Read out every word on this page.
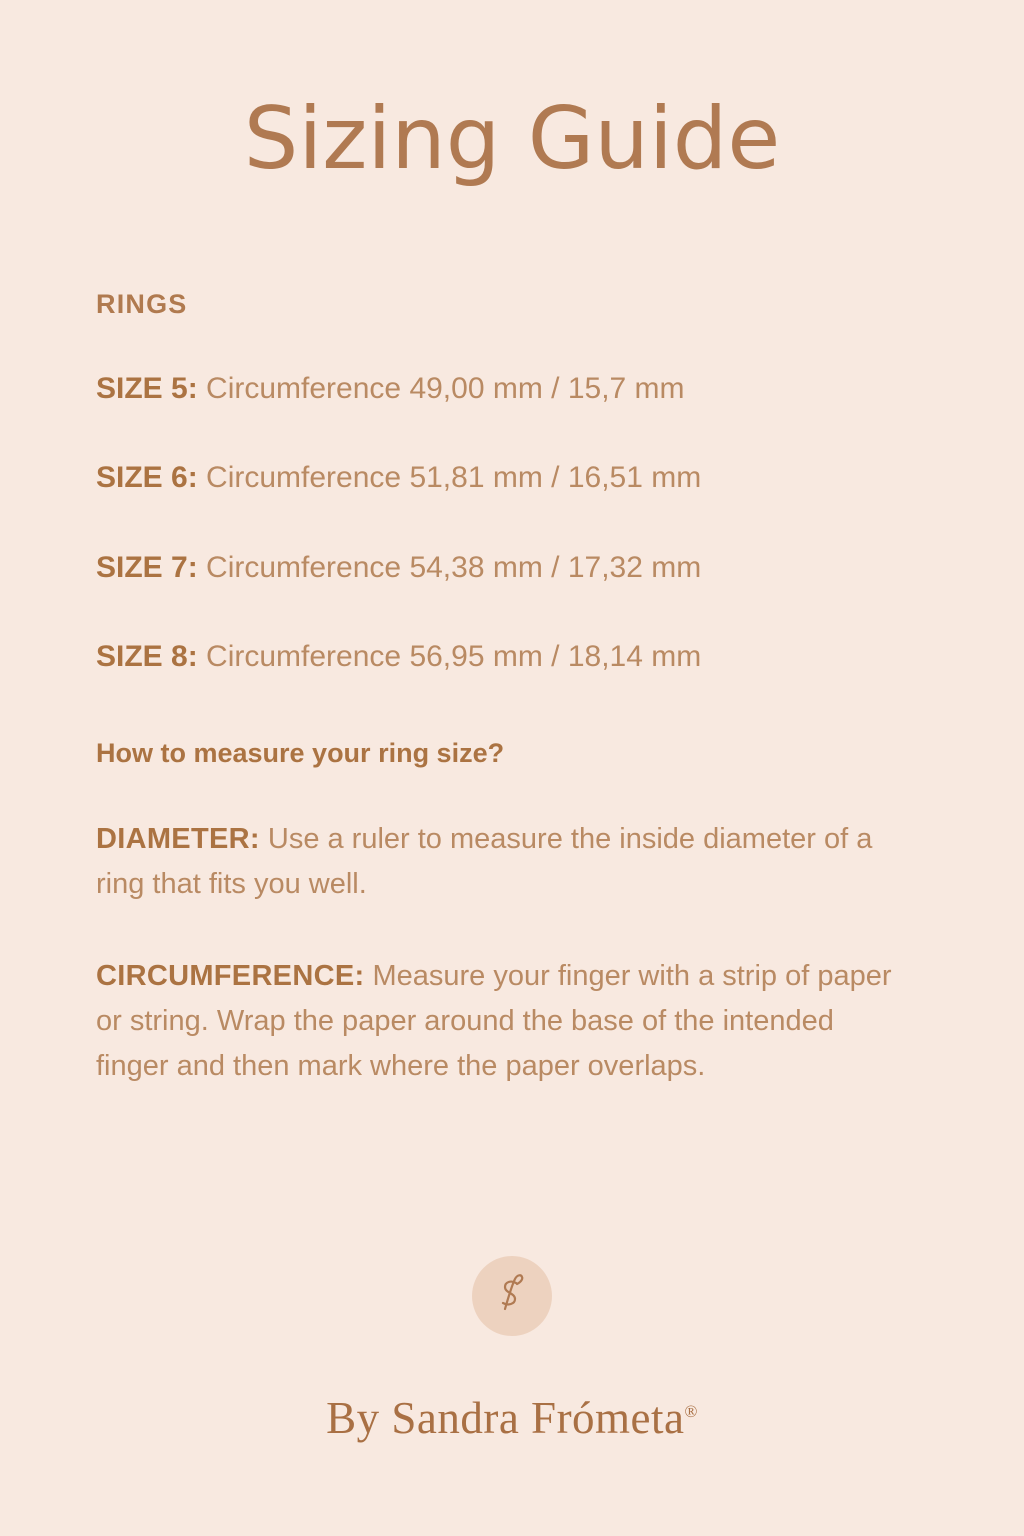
Sizing Guide
RINGS
SIZE 5: Circumference 49,00 mm / 15,7 mm
SIZE 6: Circumference 51,81 mm / 16,51 mm
SIZE 7: Circumference 54,38 mm / 17,32 mm
SIZE 8: Circumference 56,95 mm / 18,14 mm
How to measure your ring size?

DIAMETER: Use a ruler to measure the inside diameter of a ring that fits you well.

CIRCUMFERENCE: Measure your finger with a strip of paper or string. Wrap the paper around the base of the intended finger and then mark where the paper overlaps.

By Sandra Frómeta®
